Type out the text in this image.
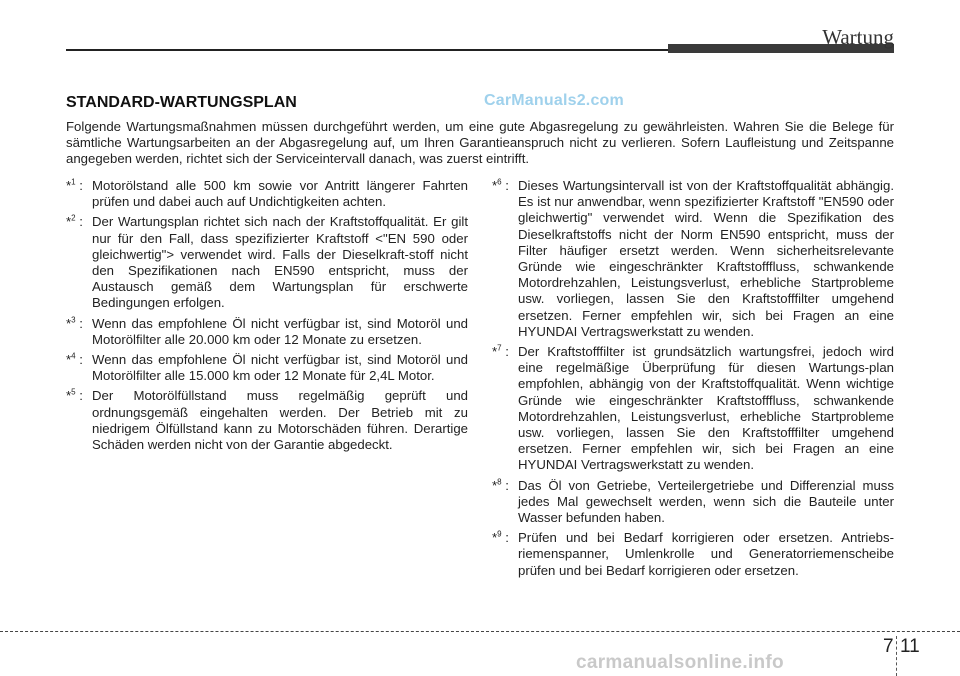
Wartung
CarManuals2.com
STANDARD-WARTUNGSPLAN

Folgende Wartungsmaßnahmen müssen durchgeführt werden, um eine gute Abgasregelung zu gewährleisten. Wahren Sie die Belege für sämtliche Wartungsarbeiten an der Abgasregelung auf, um Ihren Garantieanspruch nicht zu verlieren. Sofern Laufleistung und Zeitspanne angegeben werden, richtet sich der Serviceintervall danach, was zuerst eintrifft.

*$^1$ : Motorölstand alle 500 km sowie vor Antritt längerer Fahrten prüfen und dabei auch auf Undichtigkeiten achten.
*$^2$ : Der Wartungsplan richtet sich nach der Kraftstoffqualität. Er gilt nur für den Fall, dass spezifizierter Kraftstoff <"EN 590 oder gleichwertig"> verwendet wird. Falls der Dieselkraft-stoff nicht den Spezifikationen nach EN590 entspricht, muss der Austausch gemäß dem Wartungsplan für erschwerte Bedingungen erfolgen.
*$^3$ : Wenn das empfohlene Öl nicht verfügbar ist, sind Motoröl und Motorölfilter alle 20.000 km oder 12 Monate zu ersetzen.
*$^4$ : Wenn das empfohlene Öl nicht verfügbar ist, sind Motoröl und Motorölfilter alle 15.000 km oder 12 Monate für 2,4L Motor.
*$^5$ : Der Motorölfüllstand muss regelmäßig geprüft und ordnungsgemäß eingehalten werden. Der Betrieb mit zu niedrigem Ölfüllstand kann zu Motorschäden führen. Derartige Schäden werden nicht von der Garantie abgedeckt.
*$^6$ : Dieses Wartungsintervall ist von der Kraftstoffqualität abhängig. Es ist nur anwendbar, wenn spezifizierter Kraftstoff "EN590 oder gleichwertig" verwendet wird. Wenn die Spezifikation des Dieselkraftstoffs nicht der Norm EN590 entspricht, muss der Filter häufiger ersetzt werden. Wenn sicherheitsrelevante Gründe wie eingeschränkter Kraftstofffluss, schwankende Motordrehzahlen, Leistungsverlust, erhebliche Startprobleme usw. vorliegen, lassen Sie den Kraftstofffilter umgehend ersetzen. Ferner empfehlen wir, sich bei Fragen an eine HYUNDAI Vertragswerkstatt zu wenden.
*$^7$ : Der Kraftstofffilter ist grundsätzlich wartungsfrei, jedoch wird eine regelmäßige Überprüfung für diesen Wartungs-plan empfohlen, abhängig von der Kraftstoffqualität. Wenn wichtige Gründe wie eingeschränkter Kraftstofffluss, schwankende Motordrehzahlen, Leistungsverlust, erhebliche Startprobleme usw. vorliegen, lassen Sie den Kraftstofffilter umgehend ersetzen. Ferner empfehlen wir, sich bei Fragen an eine HYUNDAI Vertragswerkstatt zu wenden.
*$^8$ : Das Öl von Getriebe, Verteilergetriebe und Differenzial muss jedes Mal gewechselt werden, wenn sich die Bauteile unter Wasser befunden haben.
*$^9$ : Prüfen und bei Bedarf korrigieren oder ersetzen. Antriebs-riemenspanner, Umlenkrolle und Generatorriemenscheibe prüfen und bei Bedarf korrigieren oder ersetzen.
7 11
carmanualsonline.info
